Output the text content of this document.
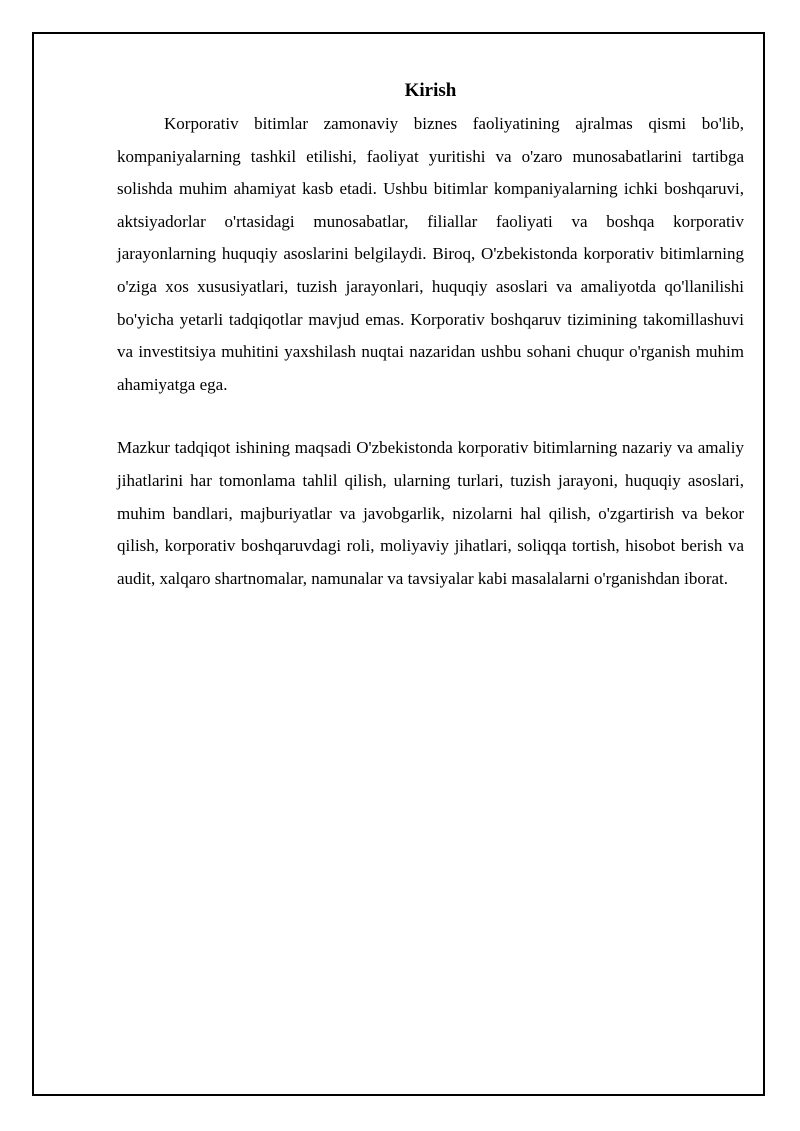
Kirish

Korporativ bitimlar zamonaviy biznes faoliyatining ajralmas qismi bo'lib, kompaniyalarning tashkil etilishi, faoliyat yuritishi va o'zaro munosabatlarini tartibga solishda muhim ahamiyat kasb etadi. Ushbu bitimlar kompaniyalarning ichki boshqaruvi, aktsiyadorlar o'rtasidagi munosabatlar, filiallar faoliyati va boshqa korporativ jarayonlarning huquqiy asoslarini belgilaydi. Biroq, O'zbekistonda korporativ bitimlarning o'ziga xos xususiyatlari, tuzish jarayonlari, huquqiy asoslari va amaliyotda qo'llanilishi bo'yicha yetarli tadqiqotlar mavjud emas. Korporativ boshqaruv tizimining takomillashuvi va investitsiya muhitini yaxshilash nuqtai nazaridan ushbu sohani chuqur o'rganish muhim ahamiyatga ega.

Mazkur tadqiqot ishining maqsadi O'zbekistonda korporativ bitimlarning nazariy va amaliy jihatlarini har tomonlama tahlil qilish, ularning turlari, tuzish jarayoni, huquqiy asoslari, muhim bandlari, majburiyatlar va javobgarlik, nizolarni hal qilish, o'zgartirish va bekor qilish, korporativ boshqaruvdagi roli, moliyaviy jihatlari, soliqqa tortish, hisobot berish va audit, xalqaro shartnomalar, namunalar va tavsiyalar kabi masalalarni o'rganishdan iborat.
